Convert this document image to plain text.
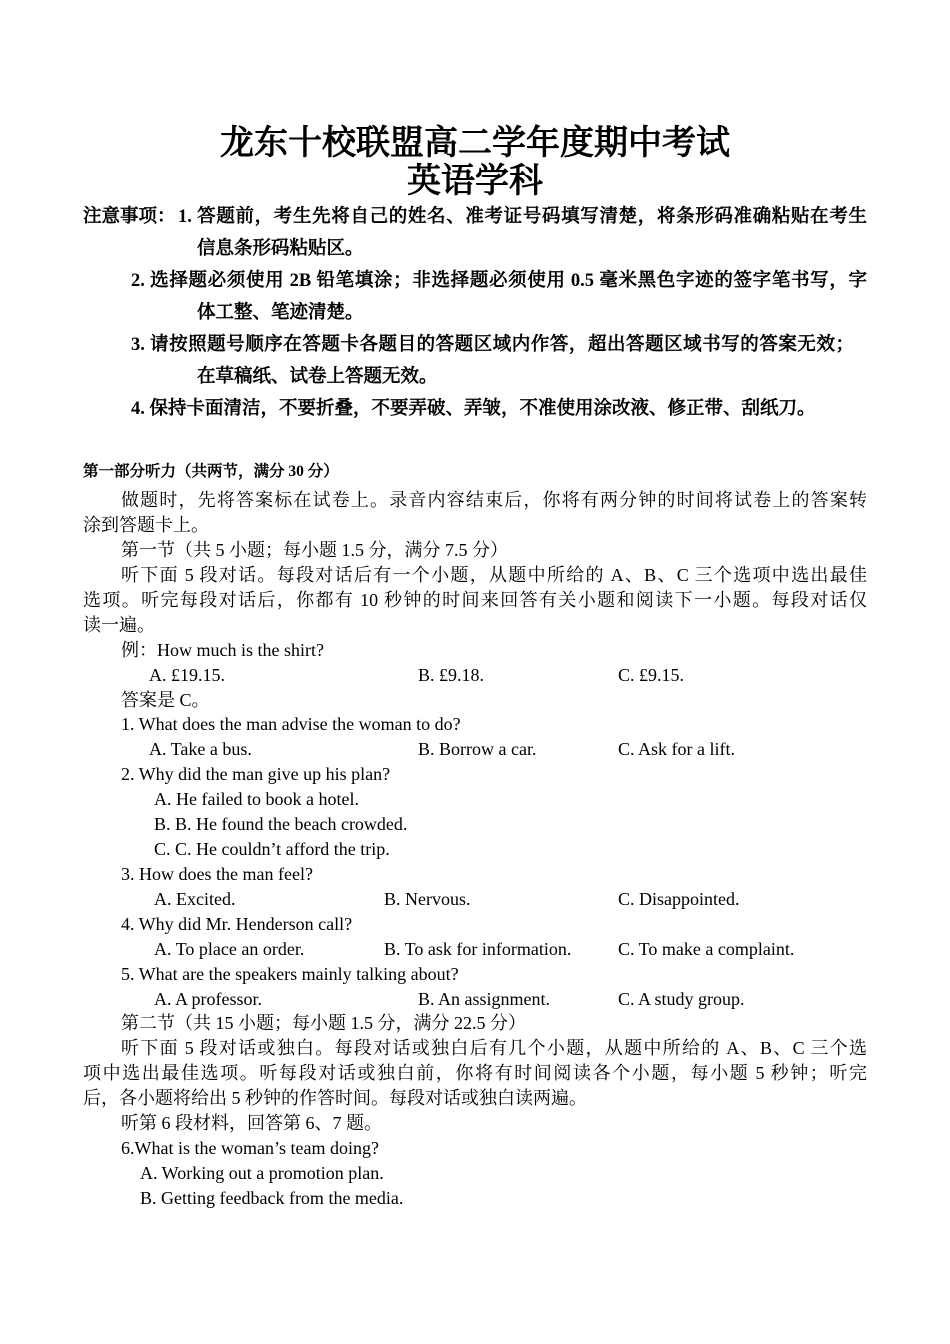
龙东十校联盟高二学年度期中考试
英语学科
注意事项： 1. 答题前，考生先将自己的姓名、准考证号码填写清楚，将条形码准确粘贴在考生
信息条形码粘贴区。
2. 选择题必须使用 2B 铅笔填涂；非选择题必须使用 0.5 毫米黑色字迹的签字笔书写，字
体工整、笔迹清楚。
3. 请按照题号顺序在答题卡各题目的答题区域内作答，超出答题区域书写的答案无效；
在草稿纸、试卷上答题无效。
4. 保持卡面清洁，不要折叠，不要弄破、弄皱，不准使用涂改液、修正带、刮纸刀。
第一部分听力（共两节，满分 30 分）
做题时，先将答案标在试卷上。录音内容结束后，你将有两分钟的时间将试卷上的答案转
涂到答题卡上。
第一节（共 5 小题；每小题 1.5 分，满分 7.5 分）
听下面 5 段对话。每段对话后有一个小题，从题中所给的 A、B、C 三个选项中选出最佳
选项。听完每段对话后，你都有 10 秒钟的时间来回答有关小题和阅读下一小题。每段对话仅
读一遍。
例：How much is the shirt?
A. £19.15.	B. £9.18.	C. £9.15.
答案是 C。
1. What does the man advise the woman to do?
A. Take a bus.	B. Borrow a car.	C. Ask for a lift.
2. Why did the man give up his plan?
A. He failed to book a hotel.
B. B. He found the beach crowded.
C. C. He couldn’t afford the trip.
3. How does the man feel?
A. Excited.	B. Nervous.	C. Disappointed.
4. Why did Mr. Henderson call?
A. To place an order.	B. To ask for information.	C. To make a complaint.
5. What are the speakers mainly talking about?
A. A professor.	B. An assignment.	C. A study group.
第二节（共 15 小题；每小题 1.5 分，满分 22.5 分）
听下面 5 段对话或独白。每段对话或独白后有几个小题，从题中所给的 A、B、C 三个选
项中选出最佳选项。听每段对话或独白前，你将有时间阅读各个小题，每小题 5 秒钟；听完
后，各小题将给出 5 秒钟的作答时间。每段对话或独白读两遍。
听第 6 段材料，回答第 6、7 题。
6.What is the woman’s team doing?
A. Working out a promotion plan.
B. Getting feedback from the media.
